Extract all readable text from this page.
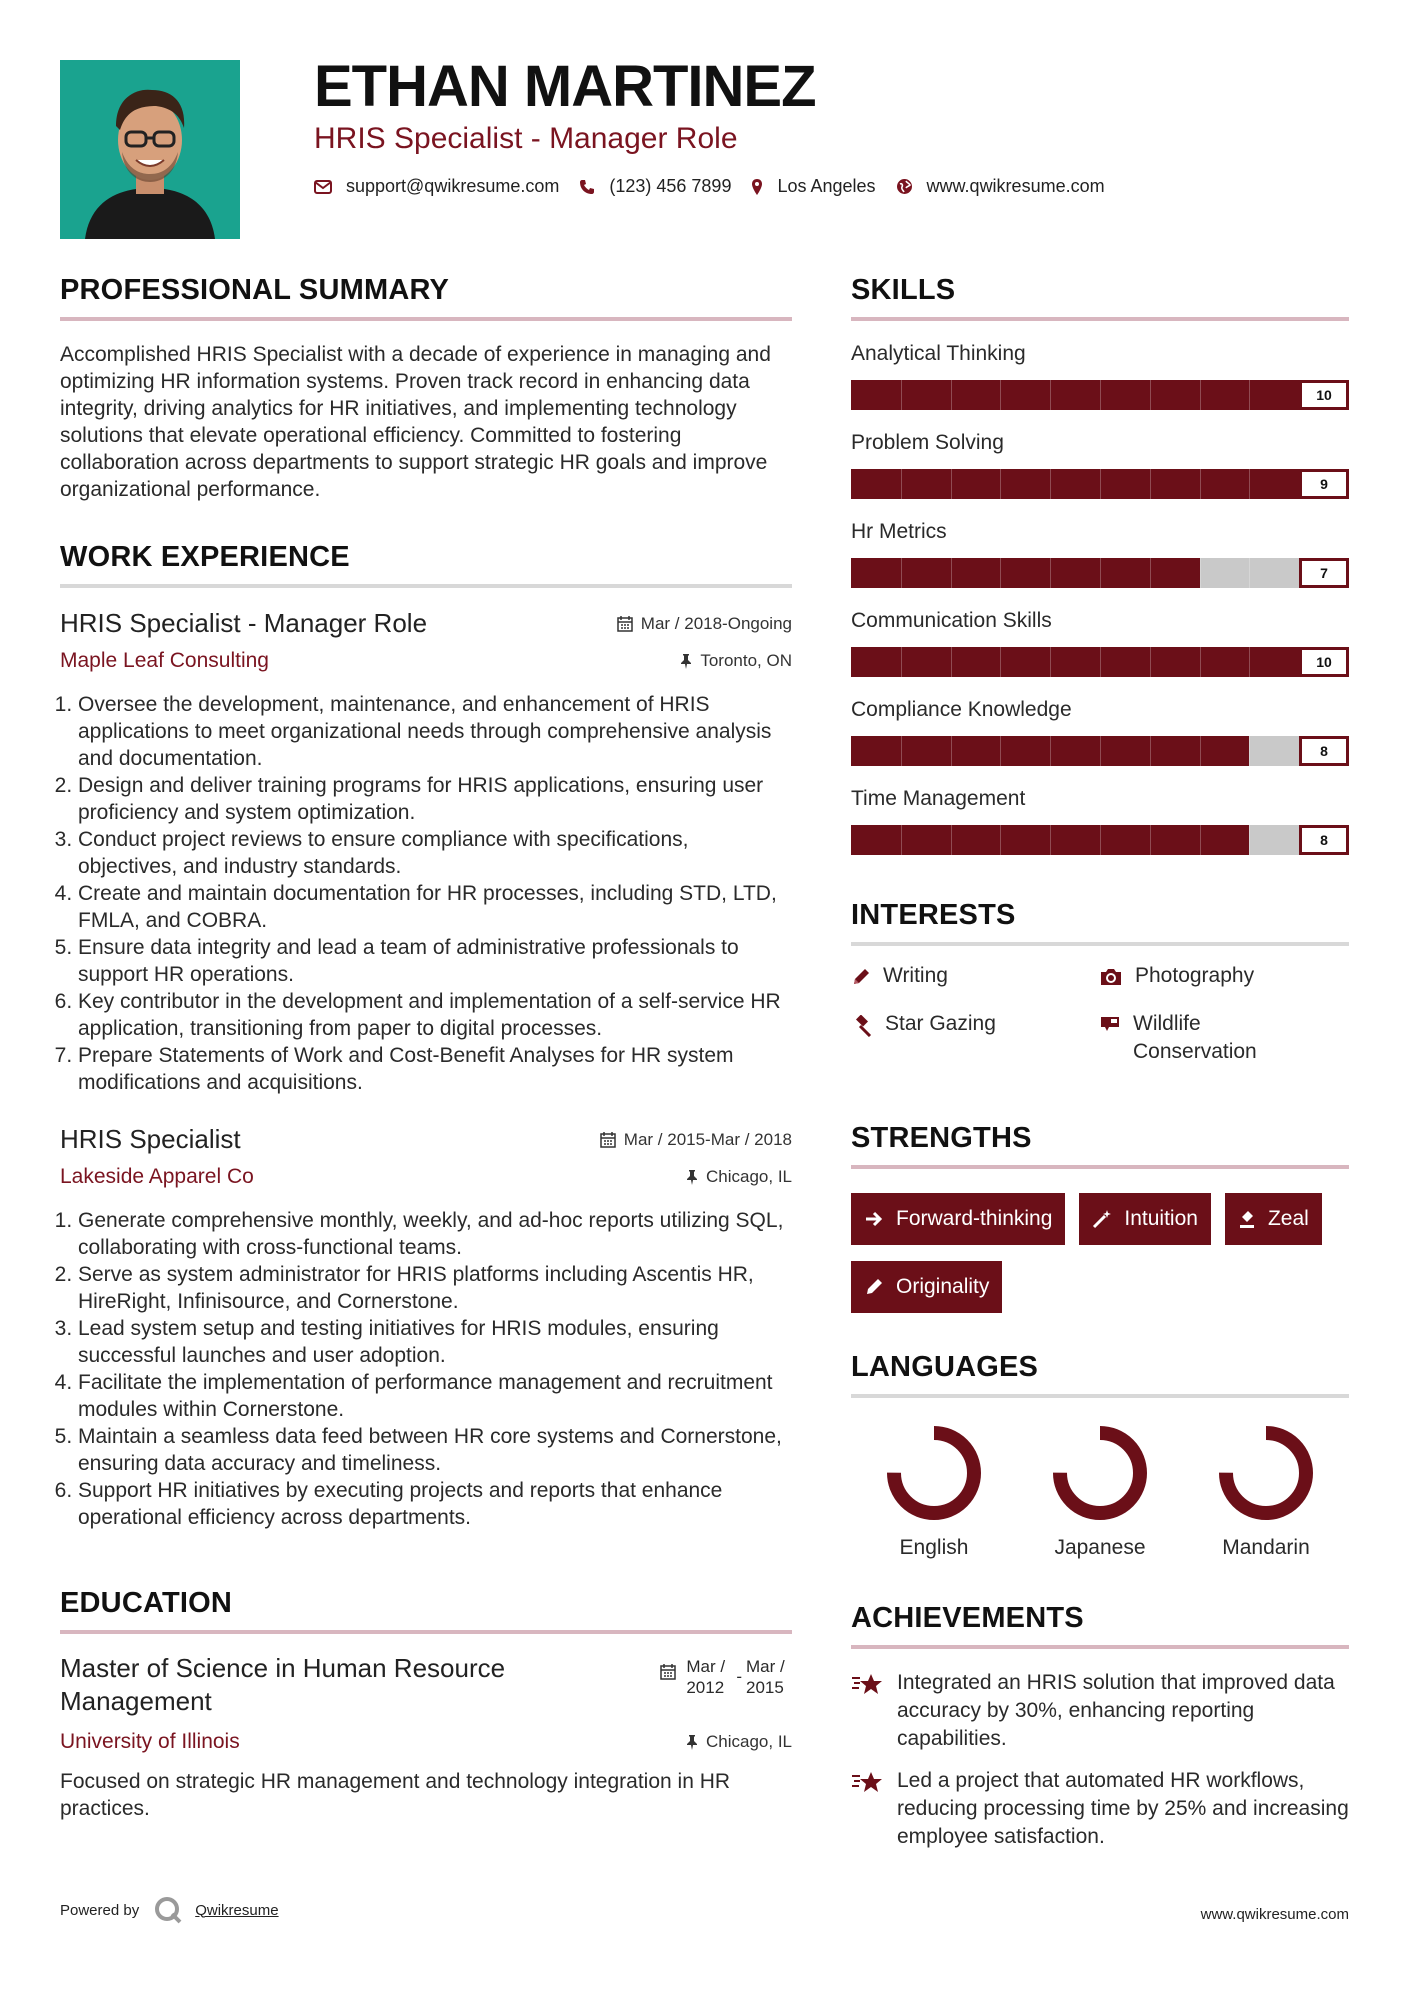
ETHAN MARTINEZ
HRIS Specialist - Manager Role
support@qwikresume.com	(123) 456 7899	Los Angeles	www.qwikresume.com
PROFESSIONAL SUMMARY

Accomplished HRIS Specialist with a decade of experience in managing and optimizing HR information systems. Proven track record in enhancing data integrity, driving analytics for HR initiatives, and implementing technology solutions that elevate operational efficiency. Committed to fostering collaboration across departments to support strategic HR goals and improve organizational performance.

WORK EXPERIENCE
HRIS Specialist - Manager Role	Mar / 2018-Ongoing
Maple Leaf Consulting	Toronto, ON
1. Oversee the development, maintenance, and enhancement of HRIS applications to meet organizational needs through comprehensive analysis and documentation.
2. Design and deliver training programs for HRIS applications, ensuring user proficiency and system optimization.
3. Conduct project reviews to ensure compliance with specifications, objectives, and industry standards.
4. Create and maintain documentation for HR processes, including STD, LTD, FMLA, and COBRA.
5. Ensure data integrity and lead a team of administrative professionals to support HR operations.
6. Key contributor in the development and implementation of a self-service HR application, transitioning from paper to digital processes.
7. Prepare Statements of Work and Cost-Benefit Analyses for HR system modifications and acquisitions.
HRIS Specialist	Mar / 2015-Mar / 2018
Lakeside Apparel Co	Chicago, IL
1. Generate comprehensive monthly, weekly, and ad-hoc reports utilizing SQL, collaborating with cross-functional teams.
2. Serve as system administrator for HRIS platforms including Ascentis HR, HireRight, Infinisource, and Cornerstone.
3. Lead system setup and testing initiatives for HRIS modules, ensuring successful launches and user adoption.
4. Facilitate the implementation of performance management and recruitment modules within Cornerstone.
5. Maintain a seamless data feed between HR core systems and Cornerstone, ensuring data accuracy and timeliness.
6. Support HR initiatives by executing projects and reports that enhance operational efficiency across departments.
EDUCATION
Master of Science in Human Resource Management
Mar / 2012
-
Mar / 2015
University of Illinois	Chicago, IL

Focused on strategic HR management and technology integration in HR practices.

SKILLS
Analytical Thinking
10
Problem Solving
9
Hr Metrics
7
Communication Skills
10
Compliance Knowledge
8
Time Management
8
INTERESTS
Writing	Photography
Star Gazing	Wildlife Conservation
STRENGTHS
Forward-thinking	Intuition	Zeal
Originality
LANGUAGES
English	Japanese	Mandarin
ACHIEVEMENTS
Integrated an HRIS solution that improved data accuracy by 30%, enhancing reporting capabilities.
Led a project that automated HR workflows, reducing processing time by 25% and increasing employee satisfaction.
Powered by	Qwikresume	www.qwikresume.com
